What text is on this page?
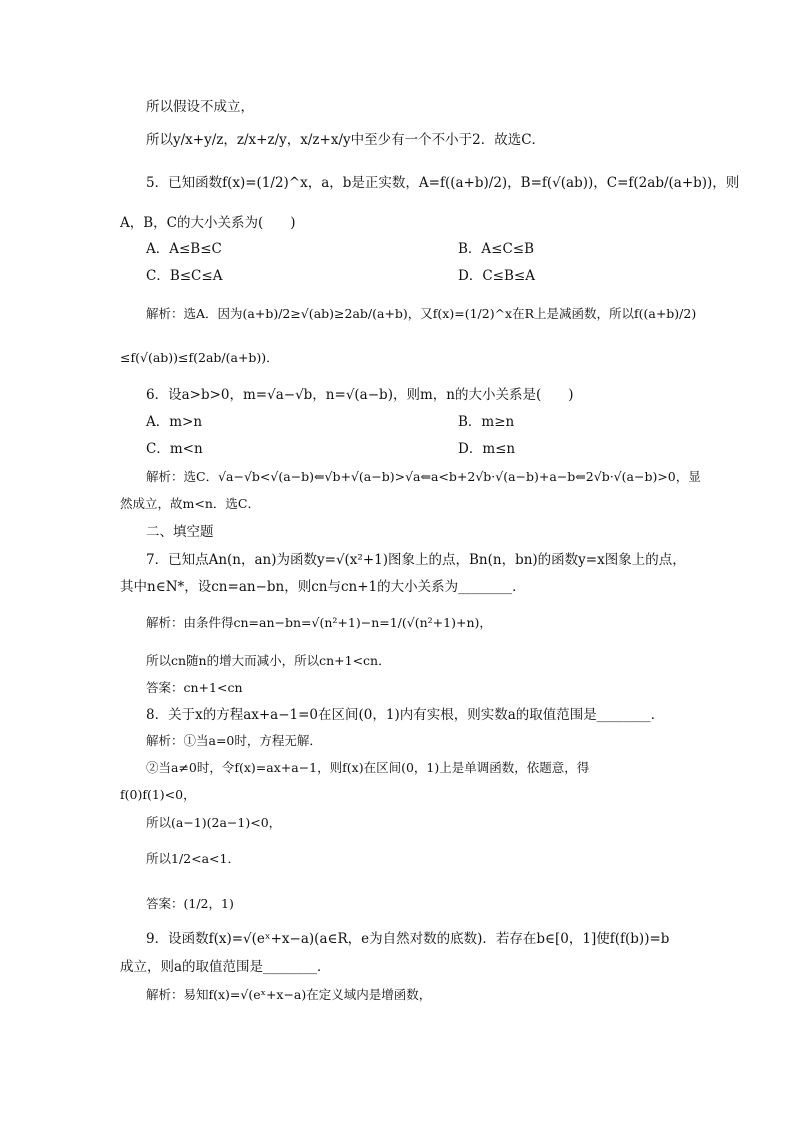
所以假设不成立，
所以y/x+y/z，z/x+z/y，x/z+x/y中至少有一个不小于2．故选C．
5．已知函数f(x)=(1/2)^x，a，b是正实数，A=f((a+b)/2)，B=f(√(ab))，C=f(2ab/(a+b))，则
A，B，C的大小关系为(　　)
A．A≤B≤C	B．A≤C≤B
C．B≤C≤A	D．C≤B≤A
解析：选A．因为(a+b)/2≥√(ab)≥2ab/(a+b)，又f(x)=(1/2)^x在R上是减函数，所以f((a+b)/2)
≤f(√(ab))≤f(2ab/(a+b))．
6．设a>b>0，m=√a−√b，n=√(a−b)，则m，n的大小关系是(　　)
A．m>n	B．m≥n
C．m<n	D．m≤n
解析：选C．√a−√b<√(a−b)⇐√b+√(a−b)>√a⇐a<b+2√b·√(a−b)+a−b⇐2√b·√(a−b)>0，显
然成立，故m<n．选C．
二、填空题
7．已知点An(n，an)为函数y=√(x²+1)图象上的点，Bn(n，bn)的函数y=x图象上的点，
其中n∈N*，设cn=an−bn，则cn与cn+1的大小关系为________．
解析：由条件得cn=an−bn=√(n²+1)−n=1/(√(n²+1)+n)，
所以cn随n的增大而减小，所以cn+1<cn．
答案：cn+1<cn
8．关于x的方程ax+a−1=0在区间(0，1)内有实根，则实数a的取值范围是________．
解析：①当a=0时，方程无解．
②当a≠0时，令f(x)=ax+a−1，则f(x)在区间(0，1)上是单调函数，依题意，得
f(0)f(1)<0，
所以(a−1)(2a−1)<0，
所以1/2<a<1．
答案：(1/2，1)
9．设函数f(x)=√(eˣ+x−a)(a∈R，e为自然对数的底数)．若存在b∈[0，1]使f(f(b))=b
成立，则a的取值范围是________．
解析：易知f(x)=√(eˣ+x−a)在定义域内是增函数，
